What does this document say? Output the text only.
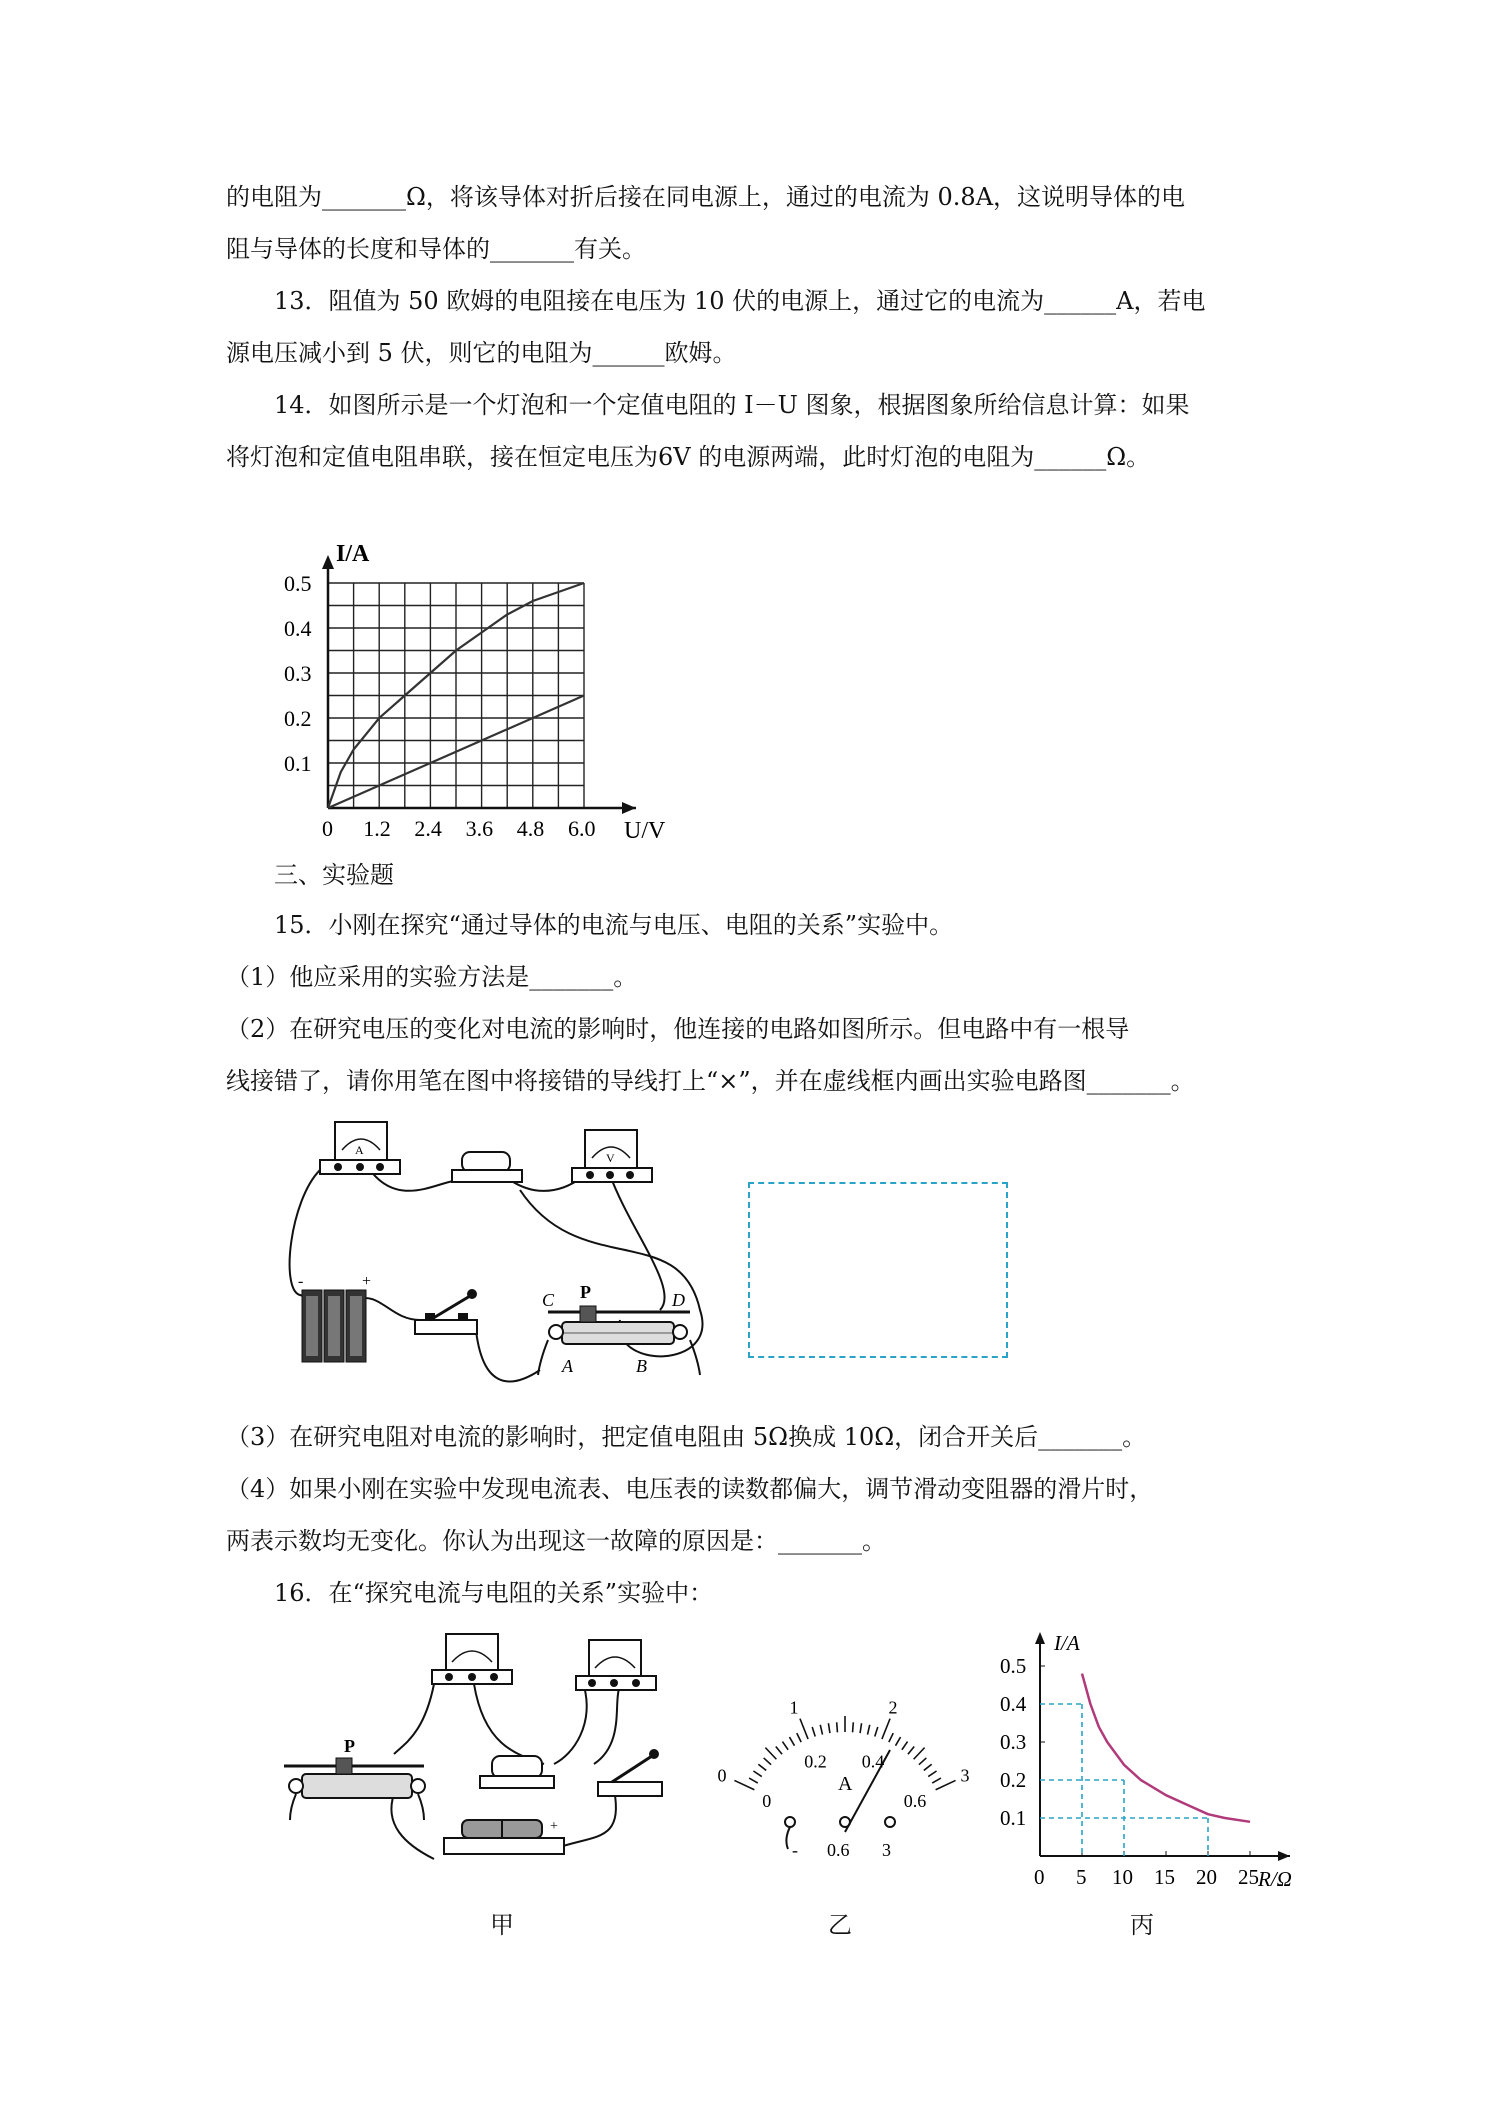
的电阻为_______Ω，将该导体对折后接在同电源上，通过的电流为 0.8A，这说明导体的电
阻与导体的长度和导体的_______有关。
13．阻值为 50 欧姆的电阻接在电压为 10 伏的电源上，通过它的电流为______A，若电
源电压减小到 5 伏，则它的电阻为______欧姆。
14．如图所示是一个灯泡和一个定值电阻的 I－U 图象，根据图象所给信息计算：如果
将灯泡和定值电阻串联，接在恒定电压为6V 的电源两端，此时灯泡的电阻为______Ω。
0 1.2 2.4 3.6 4.8 6.0
0.1
0.2
0.3
0.4
0.5
U/V
I/A
三、实验题
15．小刚在探究“通过导体的电流与电压、电阻的关系”实验中。
（1）他应采用的实验方法是_______。
（2）在研究电压的变化对电流的影响时，他连接的电路如图所示。但电路中有一根导
线接错了，请你用笔在图中将接错的导线打上“×”，并在虚线框内画出实验电路图_______。
A
V
-	+
C P	D
A	B
（3）在研究电阻对电流的影响时，把定值电阻由 5Ω换成 10Ω，闭合开关后_______。
（4）如果小刚在实验中发现电流表、电压表的读数都偏大，调节滑动变阻器的滑片时，
两表示数均无变化。你认为出现这一故障的原因是：_______。
16．在“探究电流与电阻的关系”实验中：
P
+
A
0
1	2
3
0
0.2 0.4
0.6
- 0.6 3
0 5 10 15 20 25
0.1
0.2
0.3
0.4
0.5
R/Ω
I/A
甲	乙	丙
